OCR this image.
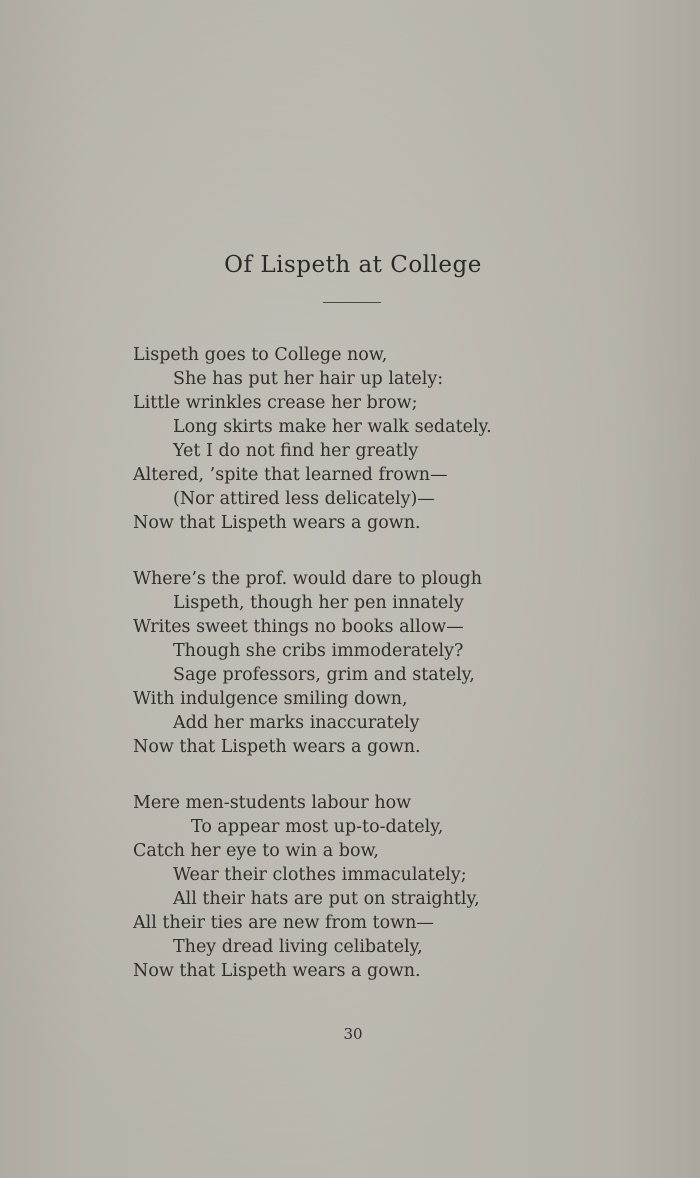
Of Lispeth at College
Lispeth goes to College now,
She has put her hair up lately:
Little wrinkles crease her brow;
Long skirts make her walk sedately.
Yet I do not find her greatly
Altered, ’spite that learned frown—
(Nor attired less delicately)—
Now that Lispeth wears a gown.
Where’s the prof. would dare to plough
Lispeth, though her pen innately
Writes sweet things no books allow—
Though she cribs immoderately?
Sage professors, grim and stately,
With indulgence smiling down,
Add her marks inaccurately
Now that Lispeth wears a gown.
Mere men-students labour how
To appear most up-to-dately,
Catch her eye to win a bow,
Wear their clothes immaculately;
All their hats are put on straightly,
All their ties are new from town—
They dread living celibately,
Now that Lispeth wears a gown.
30
